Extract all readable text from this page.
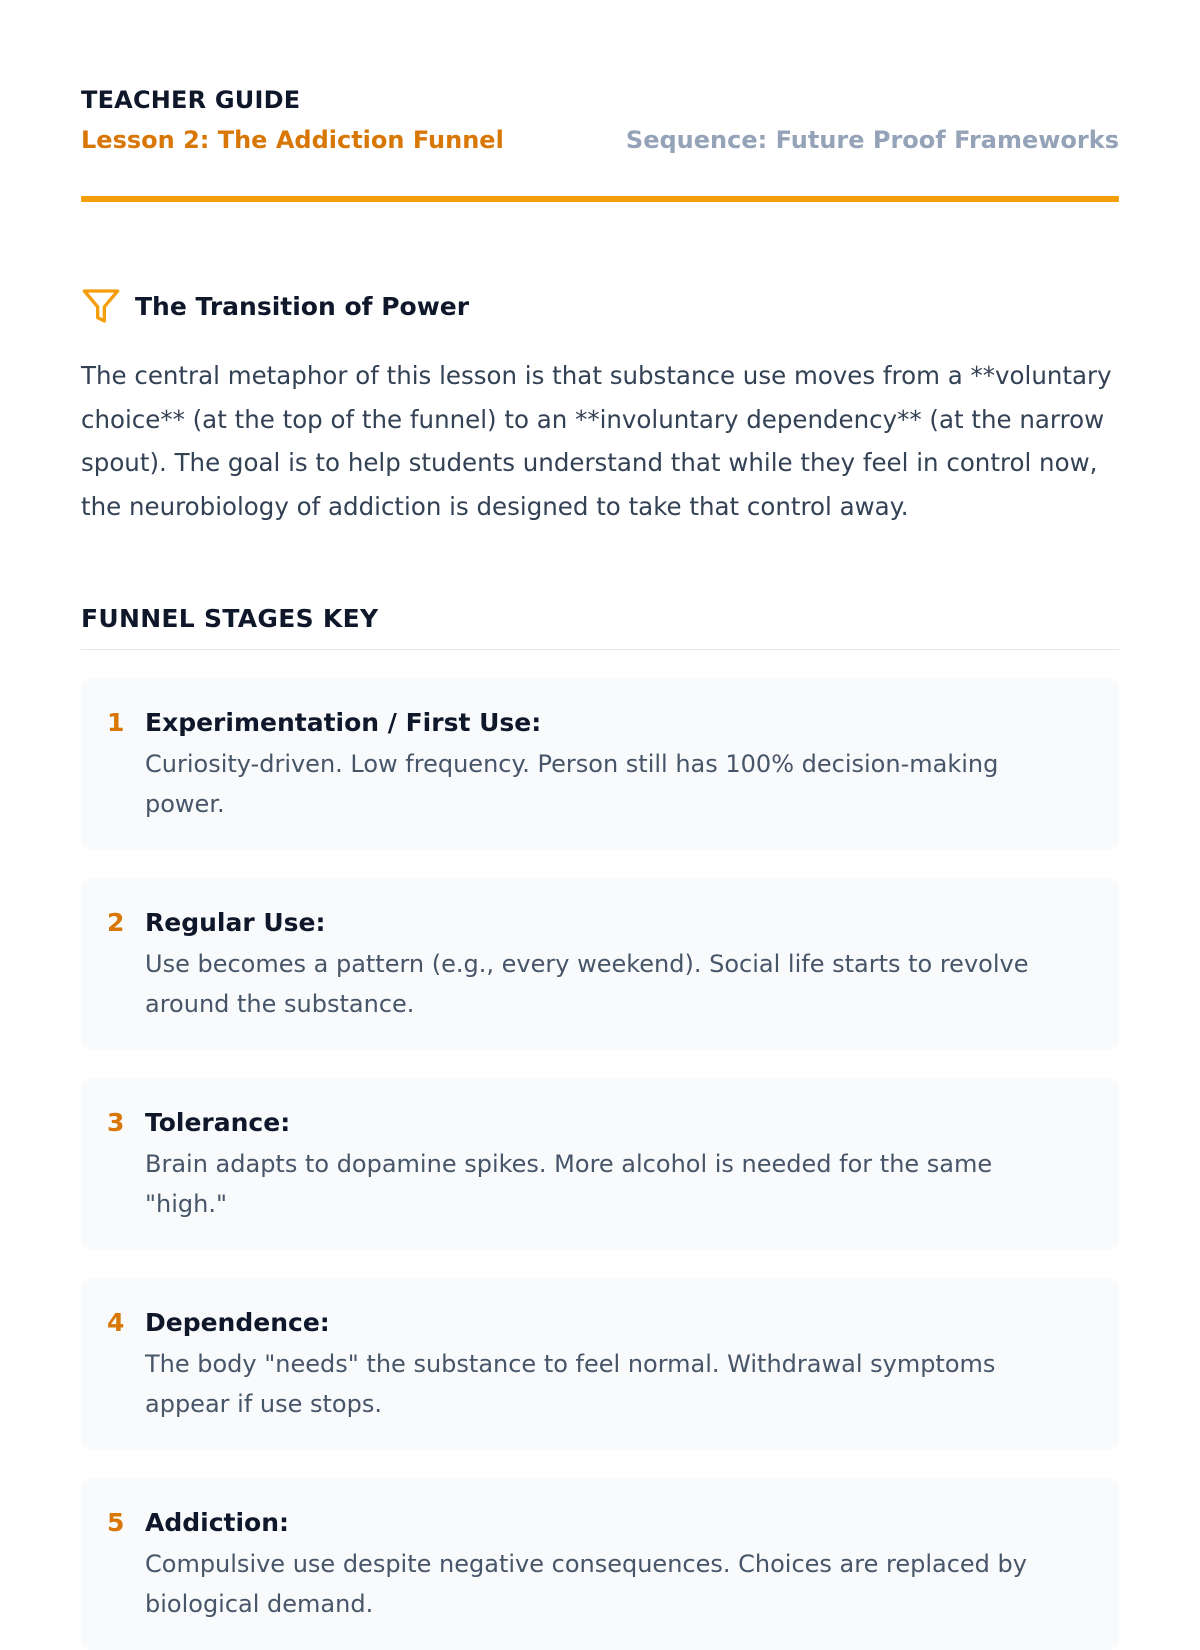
TEACHER GUIDE
Lesson 2: The Addiction Funnel	Sequence: Future Proof Frameworks
The Transition of Power
The central metaphor of this lesson is that substance use moves from a **voluntary choice** (at the top of the funnel) to an **involuntary dependency** (at the narrow spout). The goal is to help students understand that while they feel in control now, the neurobiology of addiction is designed to take that control away.
FUNNEL STAGES KEY
1 Experimentation / First Use:
Curiosity-driven. Low frequency. Person still has 100% decision-making power.
2 Regular Use:
Use becomes a pattern (e.g., every weekend). Social life starts to revolve around the substance.
3 Tolerance:
Brain adapts to dopamine spikes. More alcohol is needed for the same "high."
4 Dependence:
The body "needs" the substance to feel normal. Withdrawal symptoms appear if use stops.
5 Addiction:
Compulsive use despite negative consequences. Choices are replaced by biological demand.
